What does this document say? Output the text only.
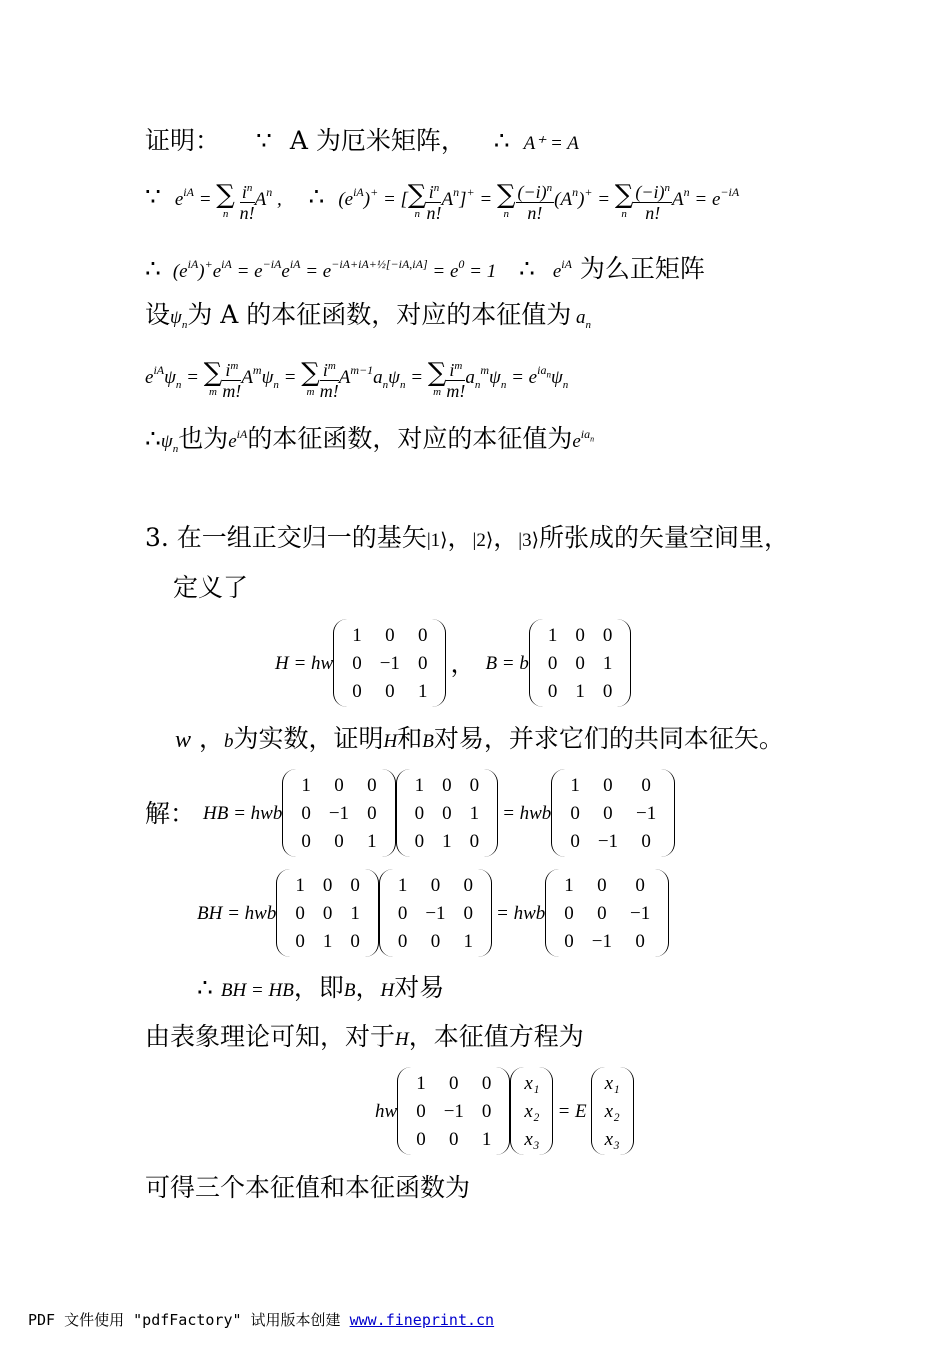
证明： ∵ A 为厄米矩阵， ∴ A⁺ = A
∵ $e^{iA}$ = ∑
n
$\frac{i^n}{n!} A^n$ , ∴ $(e^{iA})^+$ = [ ∑
n $\frac{i^n}{n!} A^n]^+$ = ∑
n $\frac{(-i)^n}{n!} (A^n)^+$ = ∑
n $\frac{(-i)^n}{n!} A^n = e^{-iA}$
∴ $(e^{iA})^+e^{iA} = e^{-iA}e^{iA} = e^{-iA+iA+\frac{1}{2}[-iA,iA]} = e^0 = 1$ ∴ $e^{iA}$ 为么正矩阵
设$\psi_n$为 A 的本征函数，对应的本征值为 $a_n$
$e^{iA}\psi_n$ = ∑
m $\frac{i^m}{m!} A^m\psi_n$ = ∑
m $\frac{i^m}{m!} A^{m-1}a_n\psi_n$ = ∑
m $\frac{i^m}{m!} a_n^m\psi_n = e^{ia_n}\psi_n$
$\therefore\psi_n$也为$e^{iA}$的本征函数，对应的本征值为$e^{ia_n}$
3. 在一组正交归一的基矢|1⟩，|2⟩，|3⟩所张成的矢量空间里，
定义了
H = hw
1	0	0
0	−1	0
0	0	1
， B = b
1	0	0
0	0	1
0	1	0
w ，b为实数，证明H和B对易，并求它们的共同本征矢。
解： HB = hwb
1	0	0
0	−1	0
0	0	1
1	0	0
0	0	1
0	1	0
= hwb
1	0	0
0	0	−1
0	−1	0
BH = hwb
1	0	0
0	0	1
0	1	0
1	0	0
0	−1	0
0	0	1
= hwb
1	0	0
0	0	−1
0	−1	0
∴ BH = HB，即B，H对易
由表象理论可知，对于H，本征值方程为
hw
1	0	0
0	−1	0
0	0	1
x₁
x₂
x₃
= E
x₁
x₂
x₃
可得三个本征值和本征函数为
PDF 文件使用 "pdfFactory" 试用版本创建 www.fineprint.cn
